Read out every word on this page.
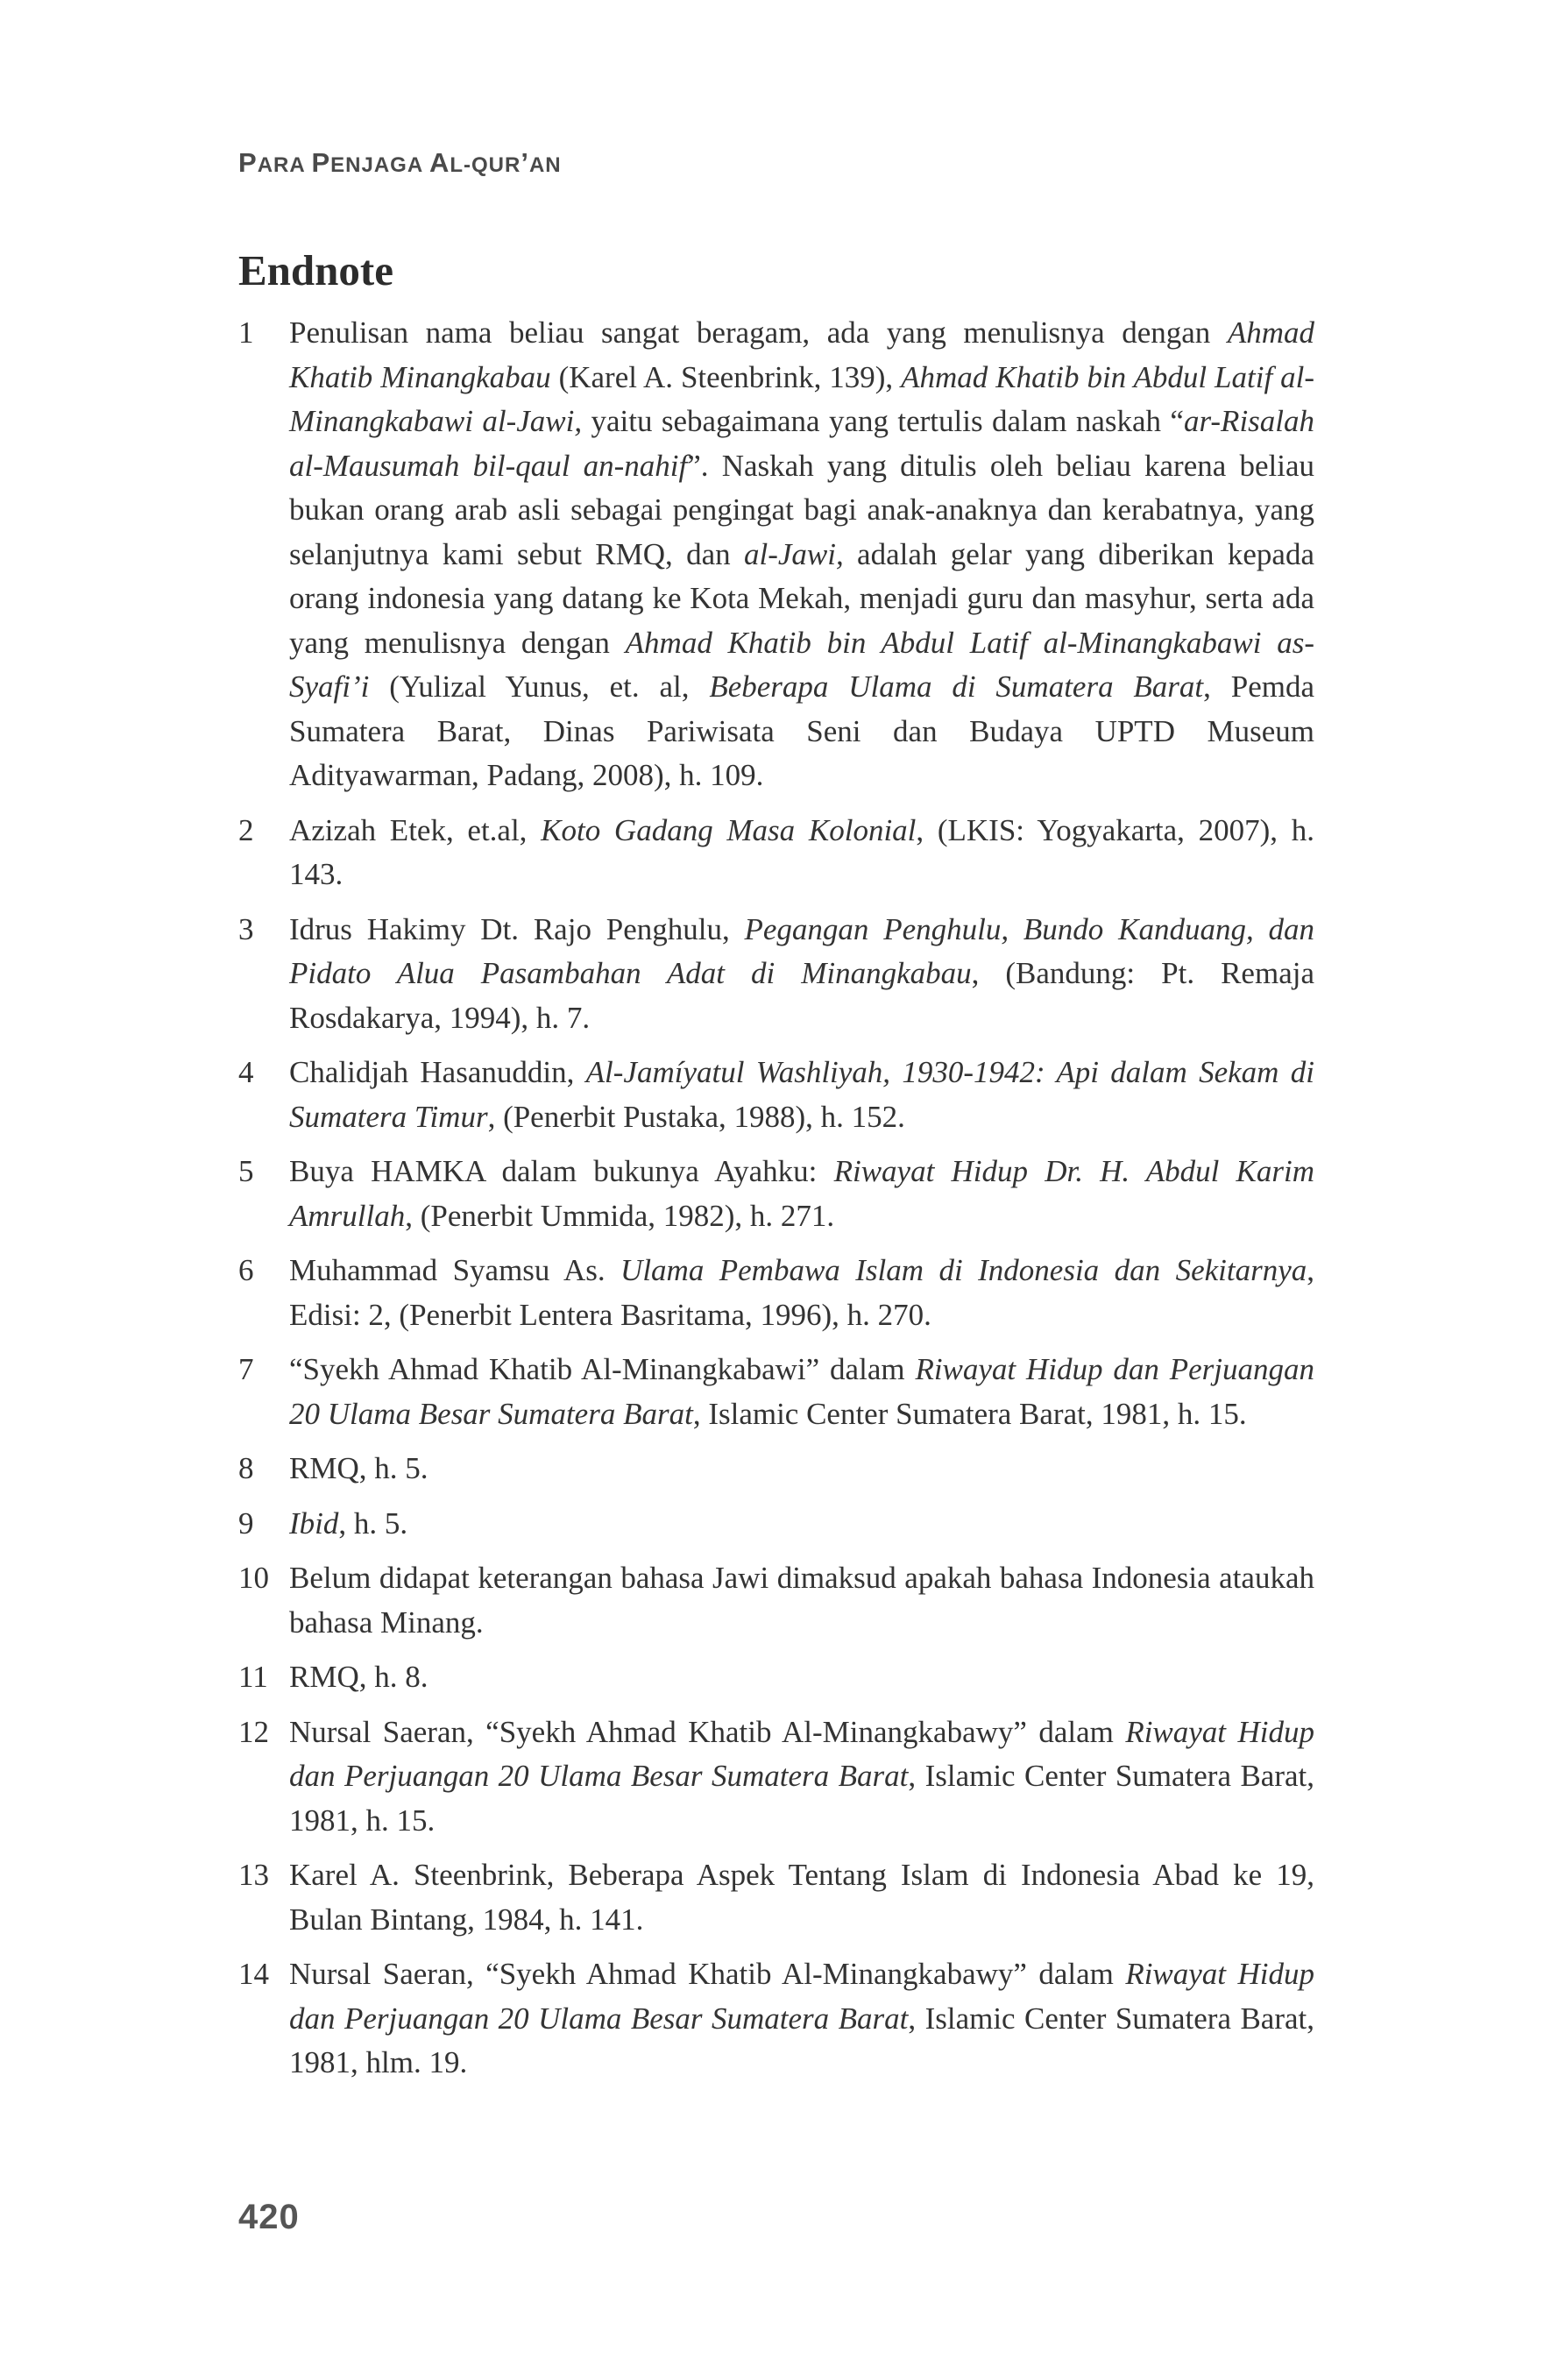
PARA PENJAGA AL-QUR’AN
Endnote
1	Penulisan nama beliau sangat beragam, ada yang menulisnya dengan Ahmad Khatib Minangkabau (Karel A. Steenbrink, 139), Ahmad Khatib bin Abdul Latif al-Minangkabawi al-Jawi, yaitu sebagaimana yang tertulis dalam naskah “ar-Risalah al-Mausumah bil-qaul an-nahif”. Naskah yang ditulis oleh beliau karena beliau bukan orang arab asli sebagai pengingat bagi anak-anaknya dan kerabatnya, yang selanjutnya kami sebut RMQ, dan al-Jawi, adalah gelar yang diberikan kepada orang indonesia yang datang ke Kota Mekah, menjadi guru dan masyhur, serta ada yang menulisnya dengan Ahmad Khatib bin Abdul Latif al-Minangkabawi as-Syafi’i (Yulizal Yunus, et. al, Beberapa Ulama di Sumatera Barat, Pemda Sumatera Barat, Dinas Pariwisata Seni dan Budaya UPTD Museum Adityawarman, Padang, 2008), h. 109.
2	Azizah Etek, et.al, Koto Gadang Masa Kolonial, (LKIS: Yogyakarta, 2007), h. 143.
3	Idrus Hakimy Dt. Rajo Penghulu, Pegangan Penghulu, Bundo Kanduang, dan Pidato Alua Pasambahan Adat di Minangkabau, (Bandung: Pt. Remaja Rosdakarya, 1994), h. 7.
4	Chalidjah Hasanuddin, Al-Jamíyatul Washliyah, 1930-1942: Api dalam Sekam di Sumatera Timur, (Penerbit Pustaka, 1988), h. 152.
5	Buya HAMKA dalam bukunya Ayahku: Riwayat Hidup Dr. H. Abdul Karim Amrullah, (Penerbit Ummida, 1982), h. 271.
6	Muhammad Syamsu As. Ulama Pembawa Islam di Indonesia dan Sekitarnya, Edisi: 2, (Penerbit Lentera Basritama, 1996), h. 270.
7	“Syekh Ahmad Khatib Al-Minangkabawi” dalam Riwayat Hidup dan Perjuangan 20 Ulama Besar Sumatera Barat, Islamic Center Sumatera Barat, 1981, h. 15.
8	RMQ, h. 5.
9	Ibid, h. 5.
10 Belum didapat keterangan bahasa Jawi dimaksud apakah bahasa Indonesia ataukah bahasa Minang.
11 RMQ, h. 8.
12 Nursal Saeran, “Syekh Ahmad Khatib Al-Minangkabawy” dalam Riwayat Hidup dan Perjuangan 20 Ulama Besar Sumatera Barat, Islamic Center Sumatera Barat, 1981, h. 15.
13 Karel A. Steenbrink, Beberapa Aspek Tentang Islam di Indonesia Abad ke 19, Bulan Bintang, 1984, h. 141.
14 Nursal Saeran, “Syekh Ahmad Khatib Al-Minangkabawy” dalam Riwayat Hidup dan Perjuangan 20 Ulama Besar Sumatera Barat, Islamic Center Sumatera Barat, 1981, hlm. 19.
420
